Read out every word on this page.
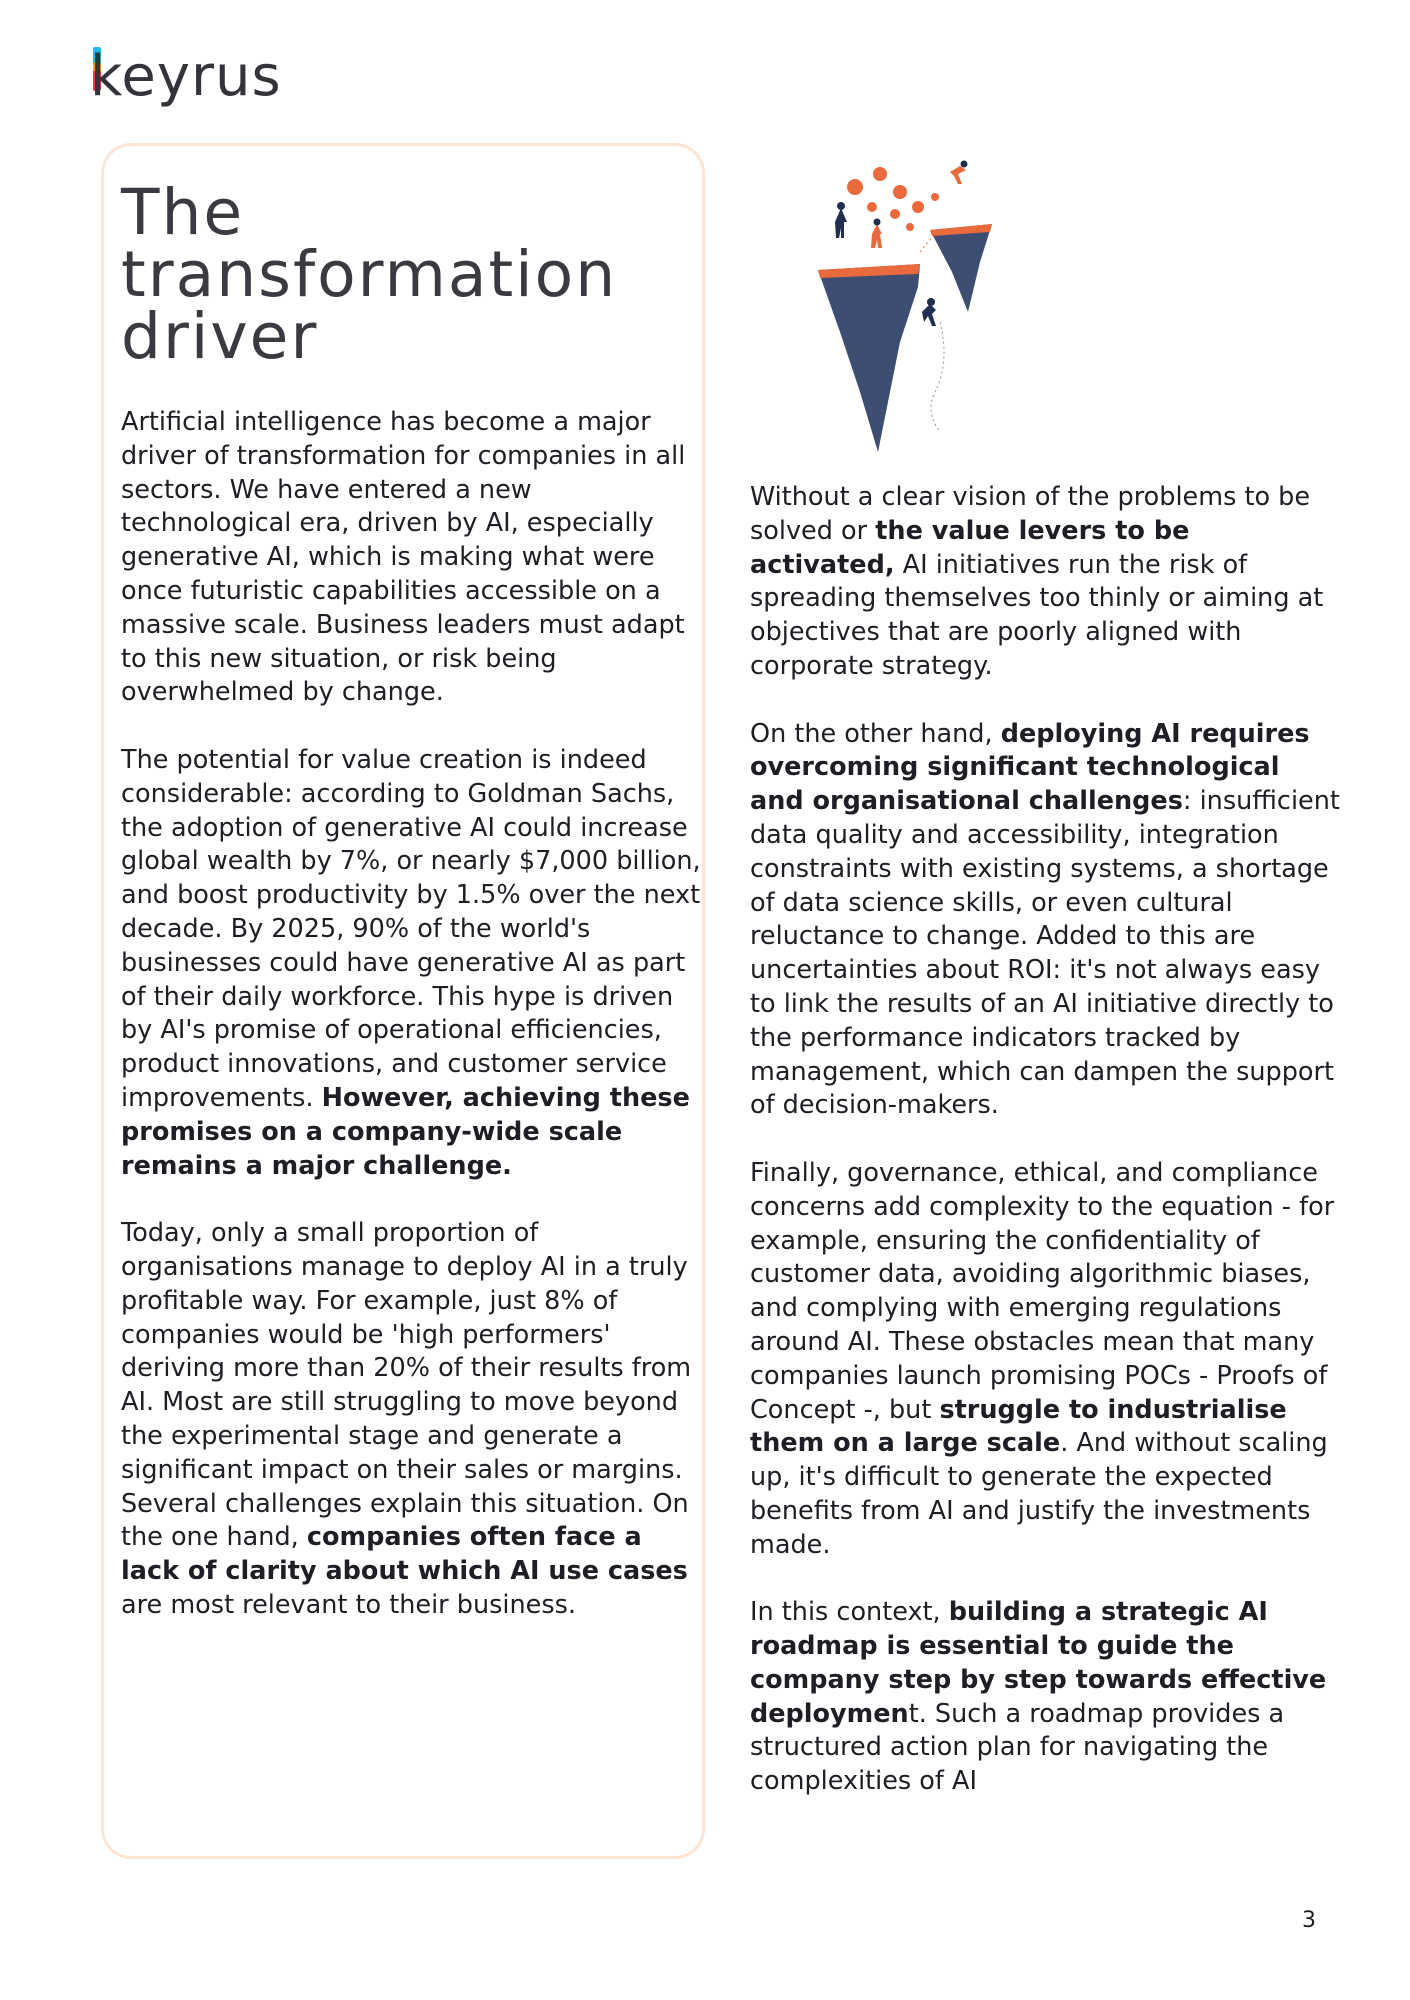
keyrus
The transformation driver

Artificial intelligence has become a major driver of transformation for companies in all sectors. We have entered a new technological era, driven by AI, especially generative AI, which is making what were once futuristic capabilities accessible on a massive scale. Business leaders must adapt to this new situation, or risk being overwhelmed by change.

The potential for value creation is indeed considerable: according to Goldman Sachs, the adoption of generative AI could increase global wealth by 7%, or nearly $7,000 billion, and boost productivity by 1.5% over the next decade. By 2025, 90% of the world's businesses could have generative AI as part of their daily workforce. This hype is driven by AI's promise of operational efficiencies, product innovations, and customer service improvements. However, achieving these promises on a company-wide scale remains a major challenge.

Today, only a small proportion of organisations manage to deploy AI in a truly profitable way. For example, just 8% of companies would be 'high performers' deriving more than 20% of their results from AI. Most are still struggling to move beyond the experimental stage and generate a significant impact on their sales or margins. Several challenges explain this situation. On the one hand, companies often face a lack of clarity about which AI use cases are most relevant to their business.

Without a clear vision of the problems to be solved or the value levers to be activated, AI initiatives run the risk of spreading themselves too thinly or aiming at objectives that are poorly aligned with corporate strategy.

On the other hand, deploying AI requires overcoming significant technological and organisational challenges: insufficient data quality and accessibility, integration constraints with existing systems, a shortage of data science skills, or even cultural reluctance to change. Added to this are uncertainties about ROI: it's not always easy to link the results of an AI initiative directly to the performance indicators tracked by management, which can dampen the support of decision-makers.

Finally, governance, ethical, and compliance concerns add complexity to the equation - for example, ensuring the confidentiality of customer data, avoiding algorithmic biases, and complying with emerging regulations around AI. These obstacles mean that many companies launch promising POCs - Proofs of Concept -, but struggle to industrialise them on a large scale. And without scaling up, it's difficult to generate the expected benefits from AI and justify the investments made.

In this context, building a strategic AI roadmap is essential to guide the company step by step towards effective deployment. Such a roadmap provides a structured action plan for navigating the complexities of AI

3
